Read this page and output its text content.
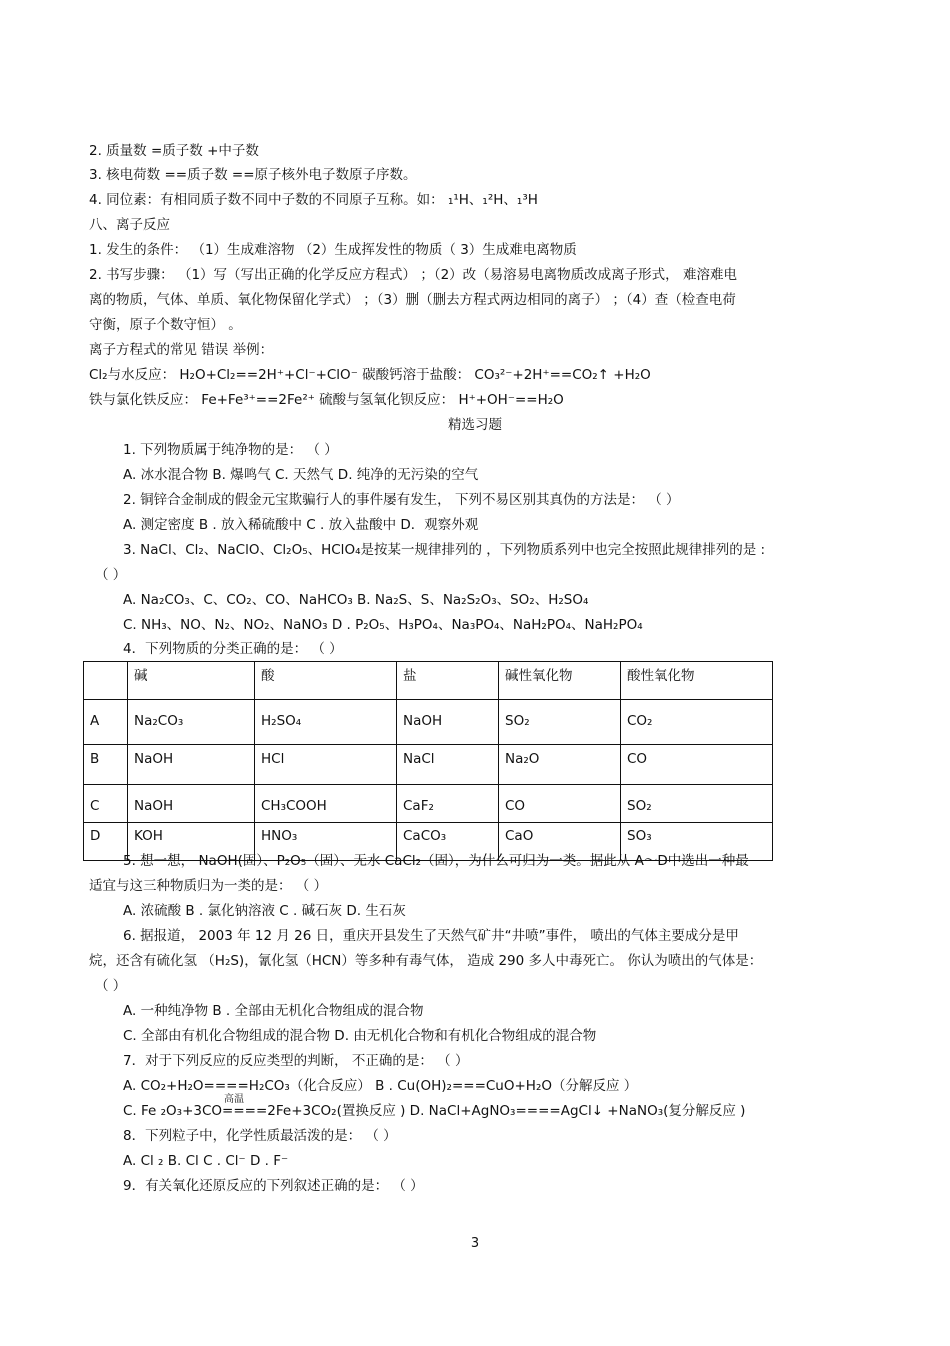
2. 质量数 =质子数 +中子数
3. 核电荷数 ==质子数 ==原子核外电子数原子序数。
4. 同位素：有相同质子数不同中子数的不同原子互称。如： ₁¹H、₁²H、₁³H
八、离子反应
1. 发生的条件： （1）生成难溶物 （2）生成挥发性的物质（ 3）生成难电离物质
2. 书写步骤： （1）写（写出正确的化学反应方程式） ；（2）改（易溶易电离物质改成离子形式， 难溶难电
离的物质，气体、单质、氧化物保留化学式） ；（3）删（删去方程式两边相同的离子） ；（4）查（检查电荷
守衡，原子个数守恒） 。
离子方程式的常见 错误 举例：
Cl₂与水反应： H₂O+Cl₂==2H⁺+Cl⁻+ClO⁻ 碳酸钙溶于盐酸： CO₃²⁻+2H⁺==CO₂↑ +H₂O
铁与氯化铁反应： Fe+Fe³⁺==2Fe²⁺ 硫酸与氢氧化钡反应： H⁺+OH⁻==H₂O
精选习题
1. 下列物质属于纯净物的是： （ ）
A. 冰水混合物 B. 爆鸣气 C. 天然气 D. 纯净的无污染的空气
2. 铜锌合金制成的假金元宝欺骗行人的事件屡有发生， 下列不易区别其真伪的方法是： （ ）
A. 测定密度 B . 放入稀硫酸中 C . 放入盐酸中 D．观察外观
3. NaCl、Cl₂、NaClO、Cl₂O₅、HClO₄是按某一规律排列的 ，下列物质系列中也完全按照此规律排列的是 :
（ ）
A. Na₂CO₃、C、CO₂、CO、NaHCO₃ B. Na₂S、S、Na₂S₂O₃、SO₂、H₂SO₄
C. NH₃、NO、N₂、NO₂、NaNO₃ D . P₂O₅、H₃PO₄、Na₃PO₄、NaH₂PO₄、NaH₂PO₄
4．下列物质的分类正确的是： （ ）
	碱	酸	盐	碱性氧化物	酸性氧化物
A	Na₂CO₃	H₂SO₄	NaOH	SO₂	CO₂
B	NaOH	HCl	NaCl	Na₂O	CO
C	NaOH	CH₃COOH	CaF₂	CO	SO₂
D	KOH	HNO₃	CaCO₃	CaO	SO₃
5. 想一想， NaOH(固）、P₂O₅（固）、无水 CaCl₂（固），为什么可归为一类。据此从 A～D中选出一种最
适宜与这三种物质归为一类的是： （ ）
A. 浓硫酸 B . 氯化钠溶液 C . 碱石灰 D. 生石灰
6. 据报道， 2003 年 12 月 26 日，重庆开县发生了天然气矿井“井喷”事件， 喷出的气体主要成分是甲
烷，还含有硫化氢 （H₂S)，氰化氢（HCN）等多种有毒气体， 造成 290 多人中毒死亡。 你认为喷出的气体是：
（ ）
A. 一种纯净物 B . 全部由无机化合物组成的混合物
C. 全部由有机化合物组成的混合物 D. 由无机化合物和有机化合物组成的混合物
7．对于下列反应的反应类型的判断， 不正确的是： （ ）
A. CO₂+H₂O====H₂CO₃（化合反应） B . Cu(OH)₂===CuO+H₂O（分解反应 ）
高温
C. Fe ₂O₃+3CO====2Fe+3CO₂(置换反应 ) D. NaCl+AgNO₃====AgCl↓ +NaNO₃(复分解反应 )
8．下列粒子中，化学性质最活泼的是： （ ）
A. Cl ₂ B. Cl C . Cl⁻ D . F⁻
9．有关氧化还原反应的下列叙述正确的是： （ ）
3
